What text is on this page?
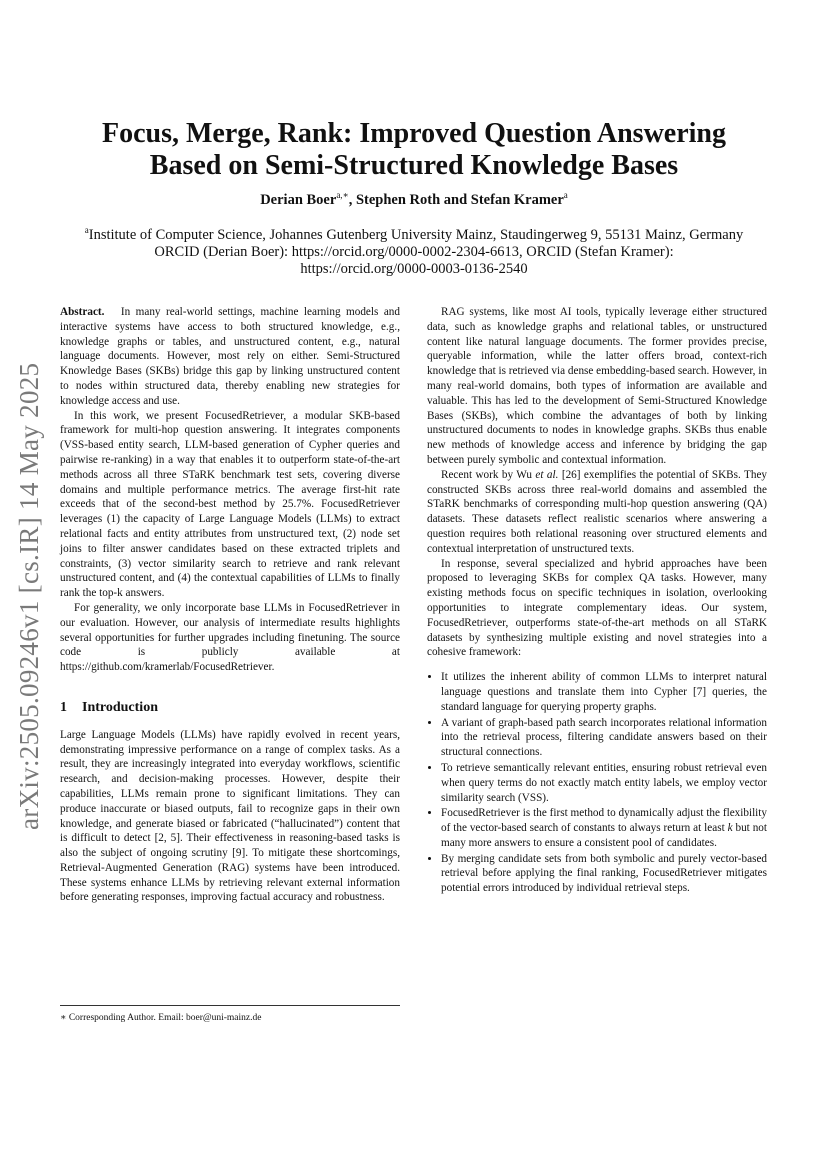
arXiv:2505.09246v1 [cs.IR] 14 May 2025
Focus, Merge, Rank: Improved Question Answering
Based on Semi-Structured Knowledge Bases
Derian Boer$^{a,∗}$, Stephen Roth and Stefan Kramer$^a$
$^a$Institute of Computer Science, Johannes Gutenberg University Mainz, Staudingerweg 9, 55131 Mainz, Germany
ORCID (Derian Boer): https://orcid.org/0000-0002-2304-6613, ORCID (Stefan Kramer):
https://orcid.org/0000-0003-0136-2540

Abstract. In many real-world settings, machine learning models and interactive systems have access to both structured knowledge, e.g., knowledge graphs or tables, and unstructured content, e.g., natural language documents. However, most rely on either. Semi-Structured Knowledge Bases (SKBs) bridge this gap by linking unstructured content to nodes within structured data, thereby enabling new strategies for knowledge access and use.

In this work, we present FocusedRetriever, a modular SKB-based framework for multi-hop question answering. It integrates components (VSS-based entity search, LLM-based generation of Cypher queries and pairwise re-ranking) in a way that enables it to outperform state-of-the-art methods across all three STaRK benchmark test sets, covering diverse domains and multiple performance metrics. The average first-hit rate exceeds that of the second-best method by 25.7%. FocusedRetriever leverages (1) the capacity of Large Language Models (LLMs) to extract relational facts and entity attributes from unstructured text, (2) node set joins to filter answer candidates based on these extracted triplets and constraints, (3) vector similarity search to retrieve and rank relevant unstructured content, and (4) the contextual capabilities of LLMs to finally rank the top-k answers.

For generality, we only incorporate base LLMs in FocusedRetriever in our evaluation. However, our analysis of intermediate results highlights several opportunities for further upgrades including finetuning. The source code is publicly available at https://github.com/kramerlab/FocusedRetriever.

1 Introduction

Large Language Models (LLMs) have rapidly evolved in recent years, demonstrating impressive performance on a range of complex tasks. As a result, they are increasingly integrated into everyday workflows, scientific research, and decision-making processes. However, despite their capabilities, LLMs remain prone to significant limitations. They can produce inaccurate or biased outputs, fail to recognize gaps in their own knowledge, and generate biased or fabricated (“hallucinated”) content that is difficult to detect [2, 5]. Their effectiveness in reasoning-based tasks is also the subject of ongoing scrutiny [9]. To mitigate these shortcomings, Retrieval-Augmented Generation (RAG) systems have been introduced. These systems enhance LLMs by retrieving relevant external information before generating responses, improving factual accuracy and robustness.

∗ Corresponding Author. Email: boer@uni-mainz.de

RAG systems, like most AI tools, typically leverage either structured data, such as knowledge graphs and relational tables, or unstructured content like natural language documents. The former provides precise, queryable information, while the latter offers broad, context-rich knowledge that is retrieved via dense embedding-based search. However, in many real-world domains, both types of information are available and valuable. This has led to the development of Semi-Structured Knowledge Bases (SKBs), which combine the advantages of both by linking unstructured documents to nodes in knowledge graphs. SKBs thus enable new methods of knowledge access and inference by bridging the gap between purely symbolic and contextual information.

Recent work by Wu et al. [26] exemplifies the potential of SKBs. They constructed SKBs across three real-world domains and assembled the STaRK benchmarks of corresponding multi-hop question answering (QA) datasets. These datasets reflect realistic scenarios where answering a question requires both relational reasoning over structured elements and contextual interpretation of unstructured texts.

In response, several specialized and hybrid approaches have been proposed to leveraging SKBs for complex QA tasks. However, many existing methods focus on specific techniques in isolation, overlooking opportunities to integrate complementary ideas. Our system, FocusedRetriever, outperforms state-of-the-art methods on all STaRK datasets by synthesizing multiple existing and novel strategies into a cohesive framework:

• It utilizes the inherent ability of common LLMs to interpret natural language questions and translate them into Cypher [7] queries, the standard language for querying property graphs.
• A variant of graph-based path search incorporates relational information into the retrieval process, filtering candidate answers based on their structural connections.
• To retrieve semantically relevant entities, ensuring robust retrieval even when query terms do not exactly match entity labels, we employ vector similarity search (VSS).
• FocusedRetriever is the first method to dynamically adjust the flexibility of the vector-based search of constants to always return at least k but not many more answers to ensure a consistent pool of candidates.
• By merging candidate sets from both symbolic and purely vector-based retrieval before applying the final ranking, FocusedRetriever mitigates potential errors introduced by individual retrieval steps.
